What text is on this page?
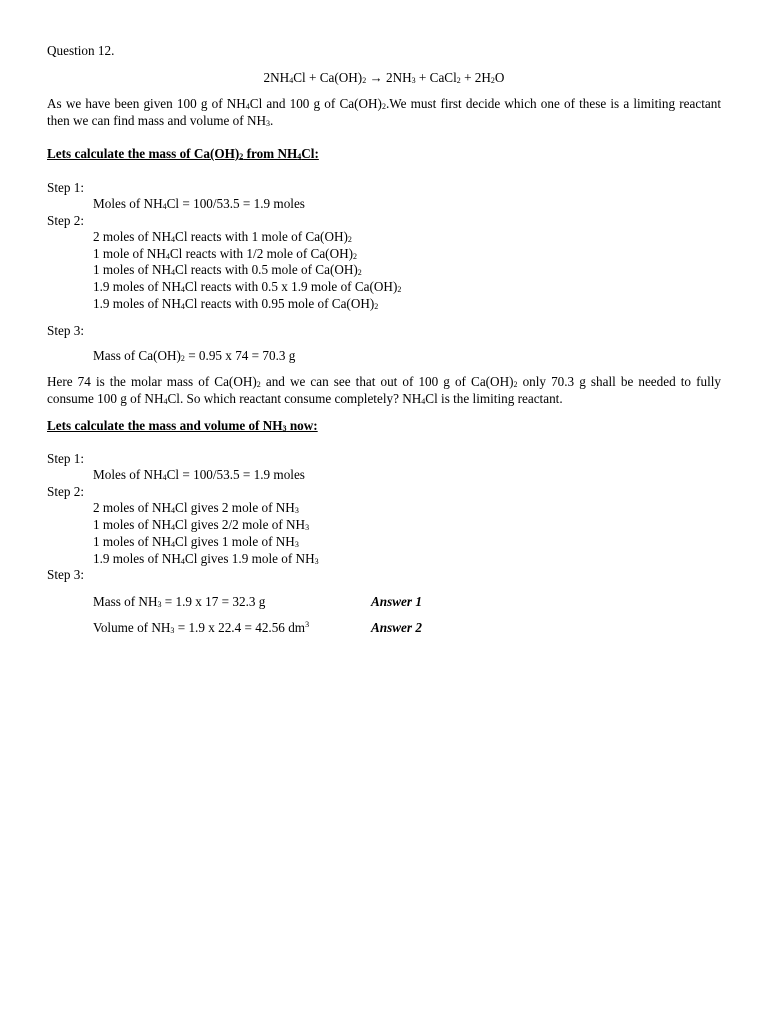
Question 12.
$2NH_4Cl + Ca(OH)_2 \to 2NH_3$ + CaCl$_2$ + $2H_2O$
As we have been given 100 g of $NH_4Cl$ and 100 g of $Ca(OH)_2.We$ must first decide which one of these is a limiting reactant then we can find mass and volume of $NH_3$.
Lets calculate the mass of $Ca(OH)_2$ from $NH_4Cl$:
Step 1:
Moles of $NH_4Cl = 100/53.5 = 1.9$ moles
Step 2:
2 moles of $NH_4Cl$ reacts with 1 mole of $Ca(OH)_2$
1 mole of $NH_4Cl$ reacts with 1/2 mole of $Ca(OH)_2$
1 moles of $NH_4Cl$ reacts with 0.5 mole of $Ca(OH)_2$
1.9 moles of $NH_4Cl$ reacts with 0.5 x 1.9 mole of $Ca(OH)_2$
1.9 moles of $NH_4Cl$ reacts with 0.95 mole of $Ca(OH)_2$
Step 3:
Mass of $Ca(OH)_2 = 0.95$ x 74 = 70.3 g
Here 74 is the molar mass of $Ca(OH)_2$ and we can see that out of 100 g of $Ca(OH)_2$ only 70.3 g shall be needed to fully consume 100 g of $NH_4Cl$. So which reactant consume completely? $NH_4Cl$ is the limiting reactant.
Lets calculate the mass and volume of $NH_3$ now:
Step 1:
Moles of $NH_4Cl = 100/53.5 = 1.9$ moles
Step 2:
2 moles of $NH_4Cl$ gives 2 mole of $NH_3$
1 moles of $NH_4Cl$ gives 2/2 mole of $NH_3$
1 moles of $NH_4Cl$ gives 1 mole of $NH_3$
1.9 moles of $NH_4Cl$ gives 1.9 mole of $NH_3$
Step 3:
Mass of $NH_3 = 1.9$ x 17 = 32.3 g	Answer 1
Volume of $NH_3 = 1.9$ x 22.4 = 42.56 $dm^3$	Answer 2
